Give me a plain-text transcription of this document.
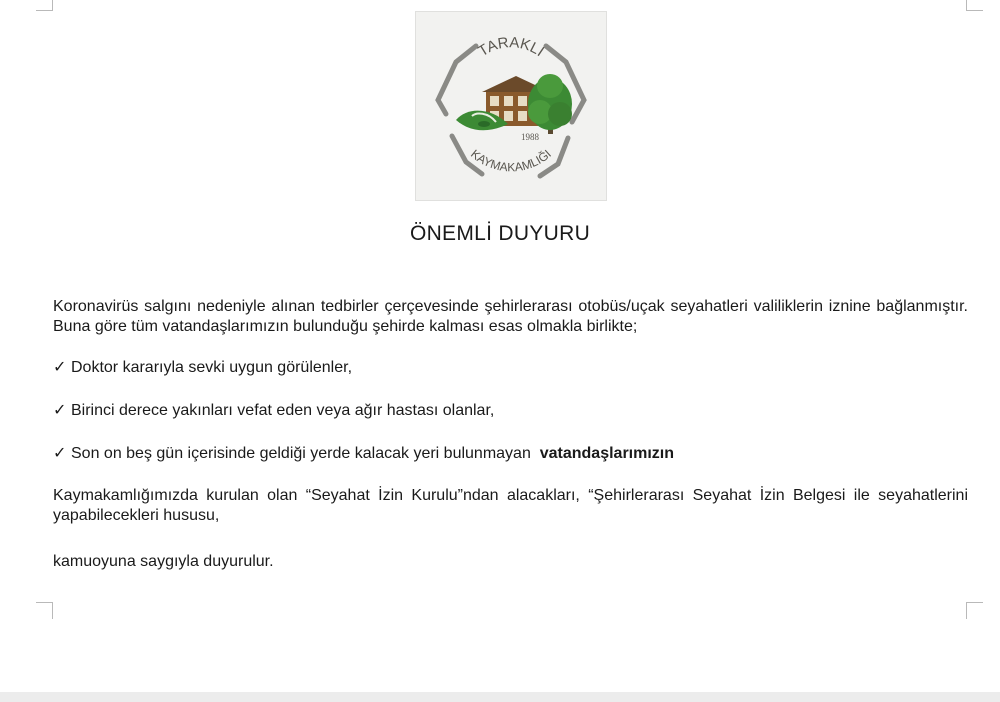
TARAKLI
1988
KAYMAKAMLIĞI
ÖNEMLİ DUYURU
Koronavirüs salgını nedeniyle alınan tedbirler çerçevesinde şehirlerarası otobüs/uçak seyahatleri valiliklerin iznine bağlanmıştır. Buna göre tüm vatandaşlarımızın bulunduğu şehirde kalması esas olmakla birlikte;
✓ Doktor kararıyla sevki uygun görülenler,
✓ Birinci derece yakınları vefat eden veya ağır hastası olanlar,
✓ Son on beş gün içerisinde geldiği yerde kalacak yeri bulunmayan vatandaşlarımızın
Kaymakamlığımızda kurulan olan “Seyahat İzin Kurulu”ndan alacakları, “Şehirlerarası Seyahat İzin Belgesi ile seyahatlerini yapabilecekleri hususu,
kamuoyuna saygıyla duyurulur.
